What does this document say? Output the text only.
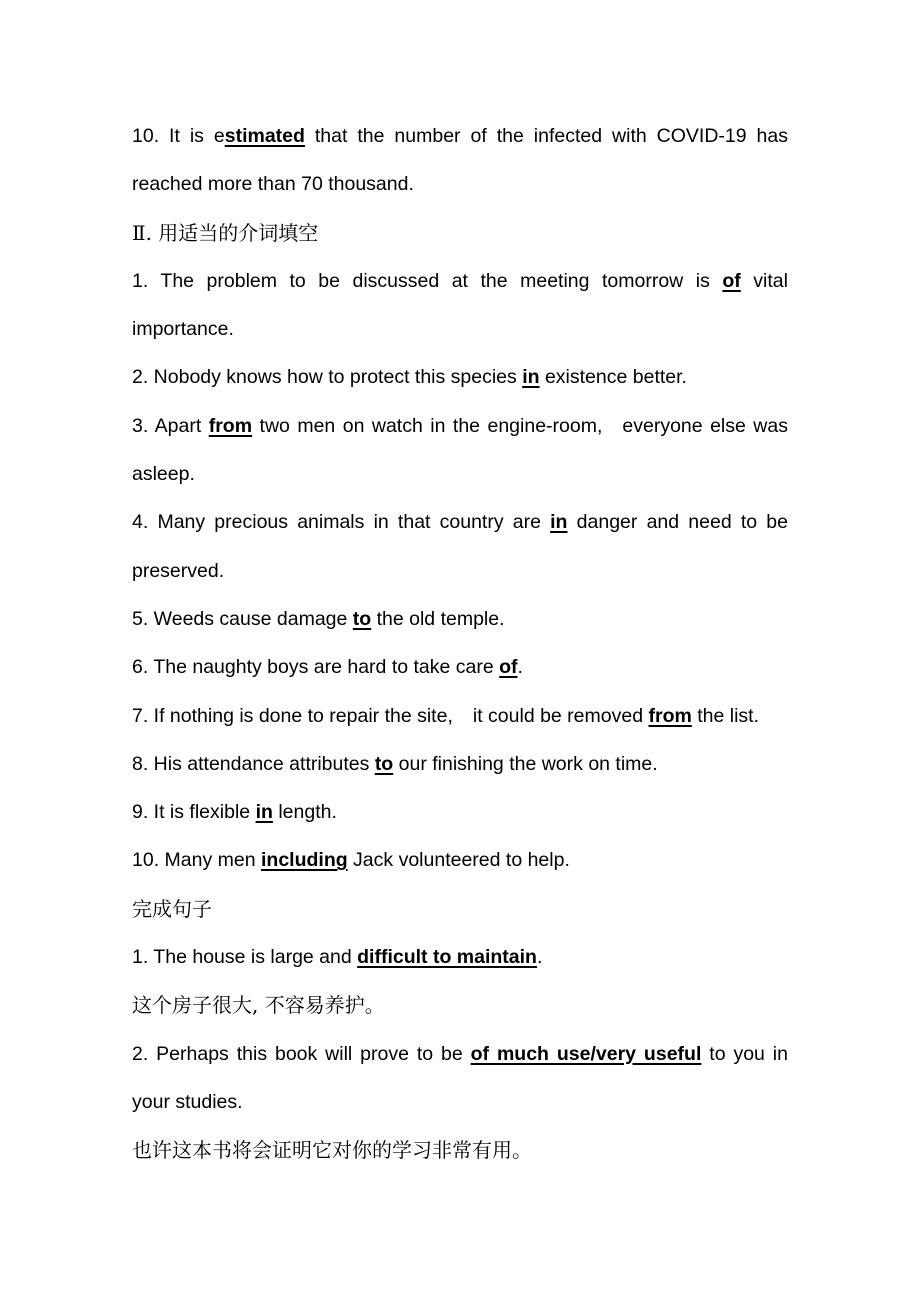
10. It is estimated that the number of the infected with COVID-19 has
reached more than 70 thousand.
Ⅱ. 用适当的介词填空
1. The problem to be discussed at the meeting tomorrow is of vital
importance.
2. Nobody knows how to protect this species in existence better.
3. Apart from two men on watch in the engine-room, everyone else was
asleep.
4. Many precious animals in that country are in danger and need to be
preserved.
5. Weeds cause damage to the old temple.
6. The naughty boys are hard to take care of.
7. If nothing is done to repair the site, it could be removed from the list.
8. His attendance attributes to our finishing the work on time.
9. It is flexible in length.
10. Many men including Jack volunteered to help.
完成句子
1. The house is large and difficult to maintain.
这个房子很大, 不容易养护。
2. Perhaps this book will prove to be of much use/very useful to you in
your studies.
也许这本书将会证明它对你的学习非常有用。
